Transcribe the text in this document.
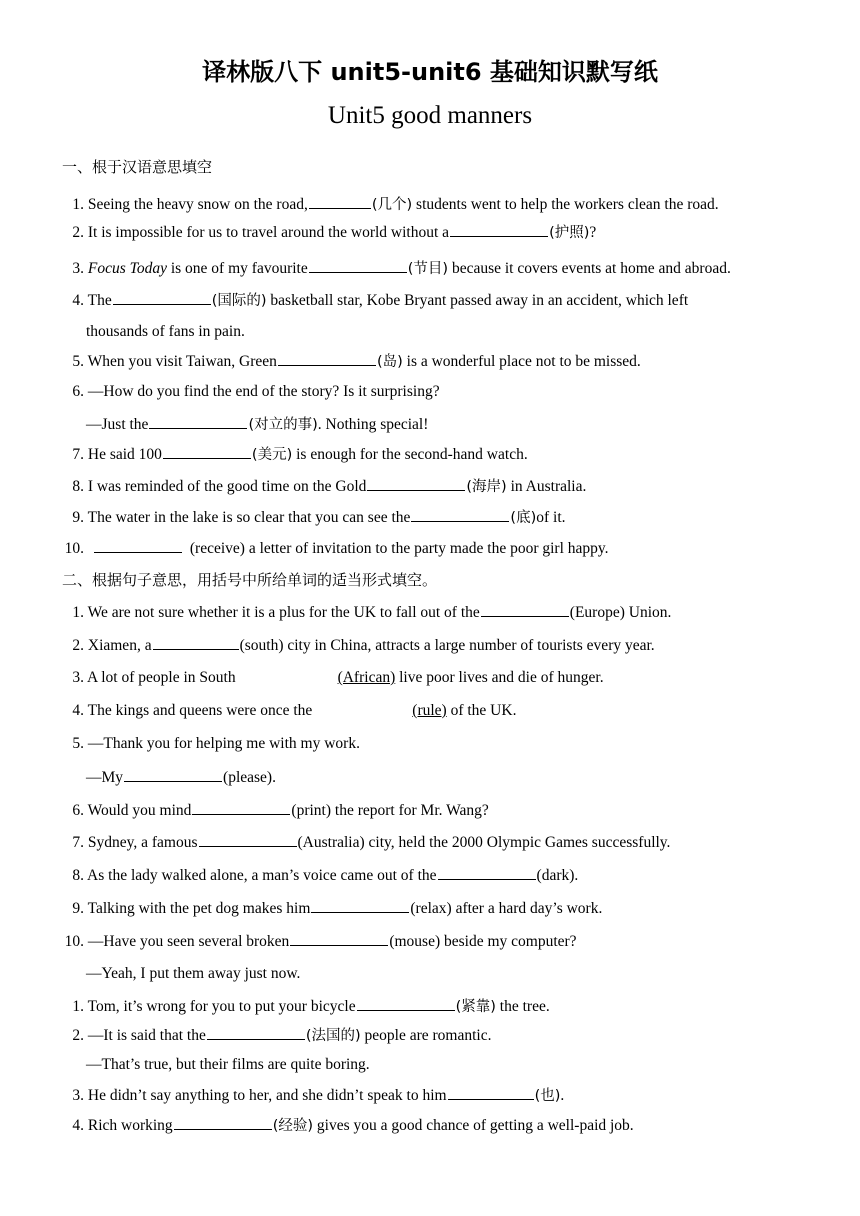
译林版八下 unit5-unit6 基础知识默写纸
Unit5 good manners
一、根于汉语意思填空
1. Seeing the heavy snow on the road,	(几个) students went to help the workers clean the road.
2. It is impossible for us to travel around the world without a	(护照)?
3. Focus Today is one of my favourite	(节目) because it covers events at home and abroad.
4. The	(国际的) basketball star, Kobe Bryant passed away in an accident, which left
thousands of fans in pain.
5. When you visit Taiwan, Green	(岛) is a wonderful place not to be missed.
6. —How do you find the end of the story? Is it surprising?
—Just the	(对立的事). Nothing special!
7. He said 100	(美元) is enough for the second-hand watch.
8. I was reminded of the good time on the Gold	(海岸) in Australia.
9. The water in the lake is so clear that you can see the	(底)of it.
10.	(receive) a letter of invitation to the party made the poor girl happy.
二、根据句子意思，用括号中所给单词的适当形式填空。
1. We are not sure whether it is a plus for the UK to fall out of the	(Europe) Union.
2. Xiamen, a	(south) city in China, attracts a large number of tourists every year.
3. A lot of people in South	(African) live poor lives and die of hunger.
4. The kings and queens were once the	(rule) of the UK.
5. —Thank you for helping me with my work.
—My	(please).
6. Would you mind	(print) the report for Mr. Wang?
7. Sydney, a famous	(Australia) city, held the 2000 Olympic Games successfully.
8. As the lady walked alone, a man’s voice came out of the	(dark).
9. Talking with the pet dog makes him	(relax) after a hard day’s work.
10. —Have you seen several broken	(mouse) beside my computer?
—Yeah, I put them away just now.
1. Tom, it’s wrong for you to put your bicycle	(紧靠) the tree.
2. —It is said that the	(法国的) people are romantic.
—That’s true, but their films are quite boring.
3. He didn’t say anything to her, and she didn’t speak to him	(也).
4. Rich working	(经验) gives you a good chance of getting a well-paid job.
